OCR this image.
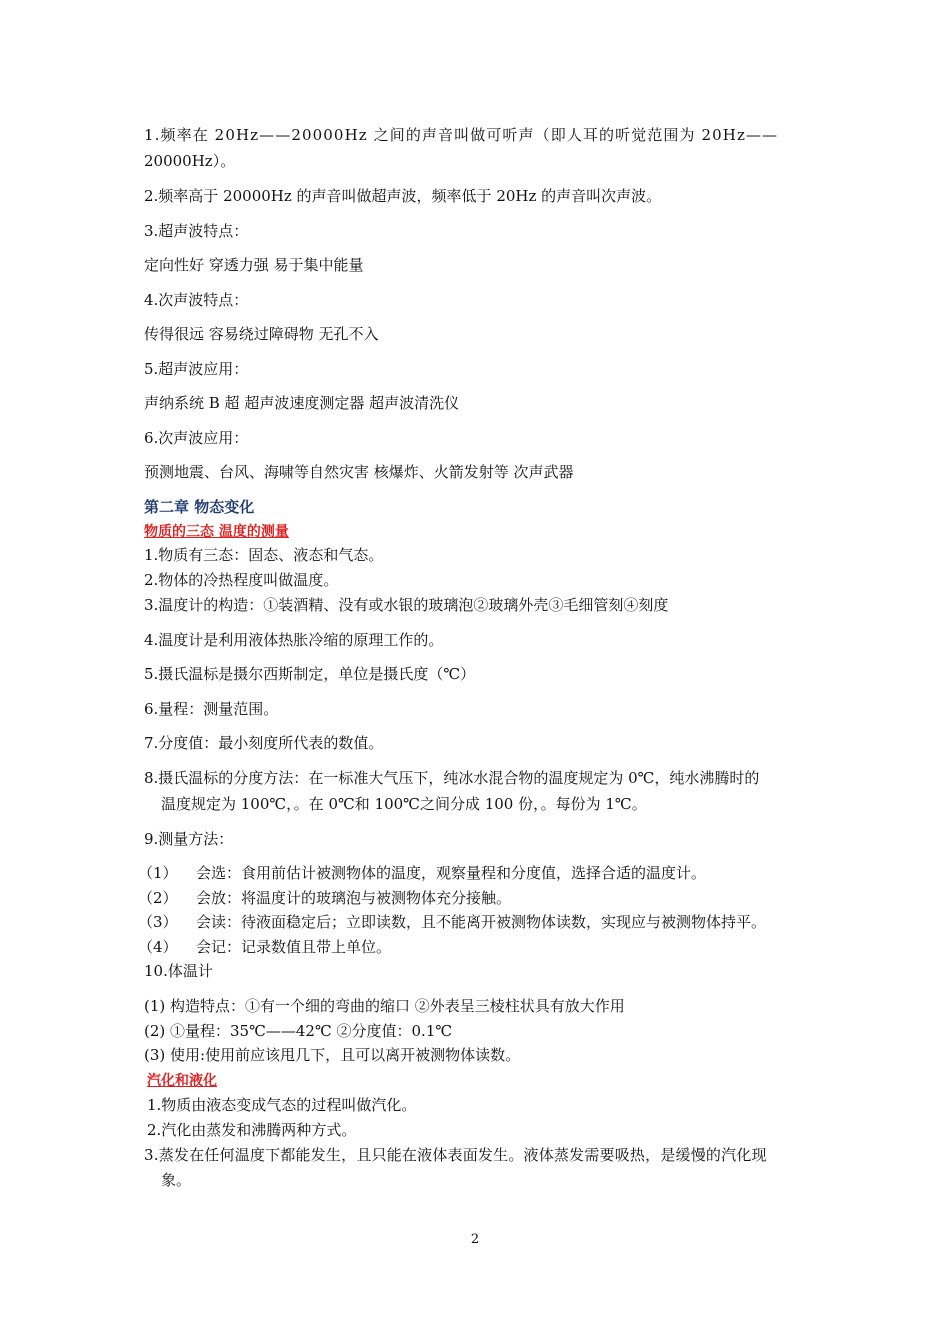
1.频率在 20Hz——20000Hz 之间的声音叫做可听声（即人耳的听觉范围为 20Hz——
20000Hz）。
2.频率高于 20000Hz 的声音叫做超声波，频率低于 20Hz 的声音叫次声波。
3.超声波特点：
定向性好 穿透力强 易于集中能量
4.次声波特点：
传得很远 容易绕过障碍物 无孔不入
5.超声波应用：
声纳系统 B 超 超声波速度测定器 超声波清洗仪
6.次声波应用：
预测地震、台风、海啸等自然灾害 核爆炸、火箭发射等 次声武器
第二章 物态变化
物质的三态 温度的测量
1.物质有三态：固态、液态和气态。
2.物体的冷热程度叫做温度。
3.温度计的构造：①装酒精、没有或水银的玻璃泡②玻璃外壳③毛细管刻④刻度
4.温度计是利用液体热胀冷缩的原理工作的。
5.摄氏温标是摄尔西斯制定，单位是摄氏度（℃）
6.量程：测量范围。
7.分度值：最小刻度所代表的数值。
8.摄氏温标的分度方法：在一标准大气压下，纯冰水混合物的温度规定为 0℃，纯水沸腾时的
温度规定为 100℃，。在 0℃和 100℃之间分成 100 份，。每份为 1℃。
9.测量方法：
（1） 会选：食用前估计被测物体的温度，观察量程和分度值，选择合适的温度计。
（2） 会放：将温度计的玻璃泡与被测物体充分接触。
（3） 会读：待液面稳定后；立即读数，且不能离开被测物体读数，实现应与被测物体持平。
（4） 会记：记录数值且带上单位。
10.体温计
(1) 构造特点：①有一个细的弯曲的缩口 ②外表呈三棱柱状具有放大作用
(2) ①量程：35℃——42℃ ②分度值：0.1℃
(3) 使用:使用前应该甩几下，且可以离开被测物体读数。
汽化和液化
1.物质由液态变成气态的过程叫做汽化。
2.汽化由蒸发和沸腾两种方式。
3.蒸发在任何温度下都能发生，且只能在液体表面发生。液体蒸发需要吸热，是缓慢的汽化现
象。
2
